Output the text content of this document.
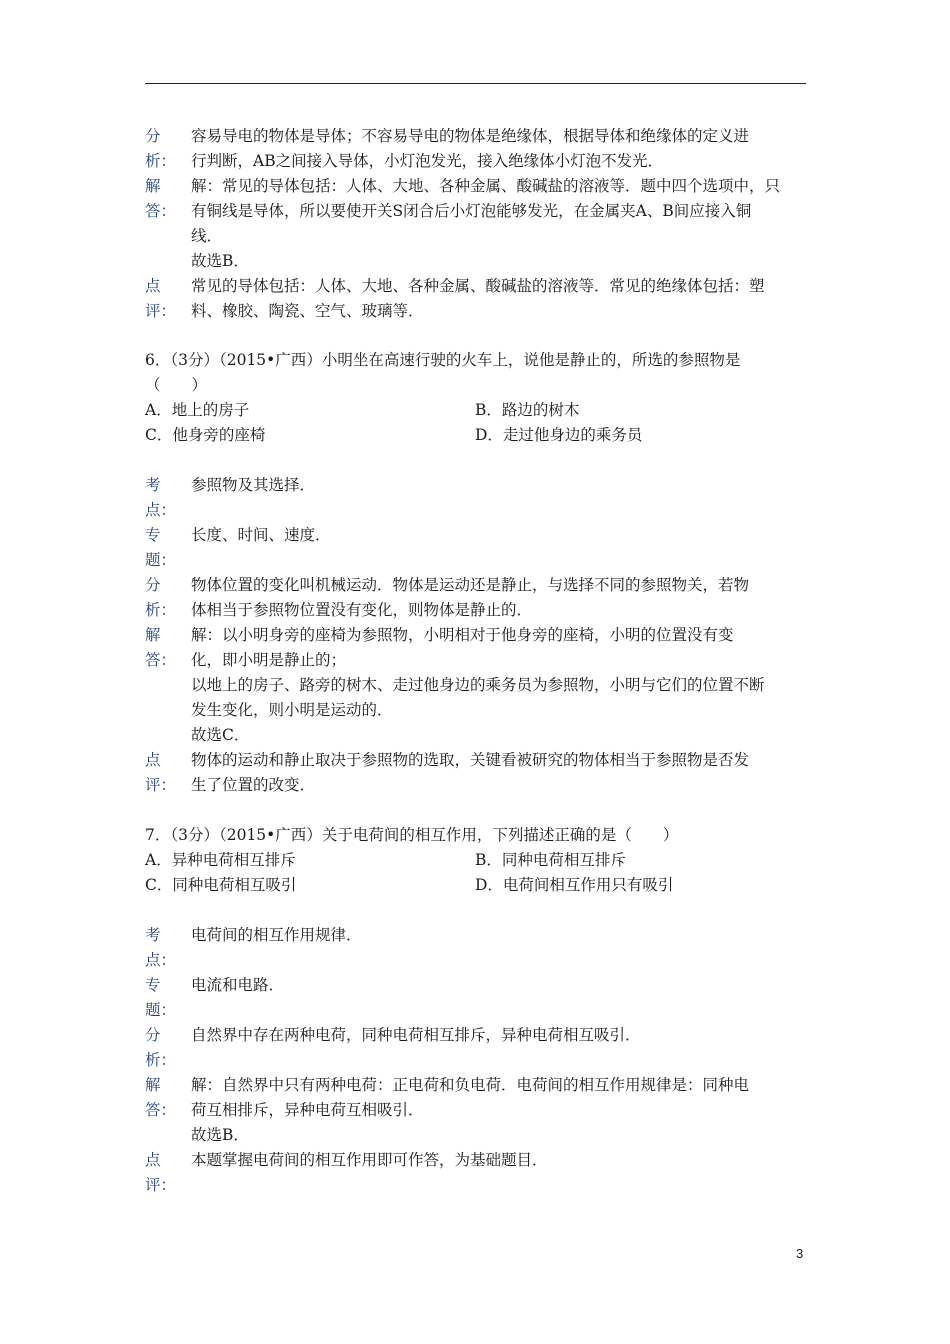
分
析：

容易导电的物体是导体；不容易导电的物体是绝缘体，根据导体和绝缘体的定义进

行判断，AB之间接入导体，小灯泡发光，接入绝缘体小灯泡不发光．

解
答：

解：常见的导体包括：人体、大地、各种金属、酸碱盐的溶液等．题中四个选项中，只

有铜线是导体，所以要使开关S闭合后小灯泡能够发光，在金属夹A、B间应接入铜

线．

故选B．

点
评：

常见的导体包括：人体、大地、各种金属、酸碱盐的溶液等．常见的绝缘体包括：塑

料、橡胶、陶瓷、空气、玻璃等．

6．（3分）（2015•广西）小明坐在高速行驶的火车上，说他是静止的，所选的参照物是

（　　）

A．地上的房子	B．路边的树木
C．他身旁的座椅	D．走过他身边的乘务员
考
点：

参照物及其选择．

专
题：

长度、时间、速度．

分
析：

物体位置的变化叫机械运动．物体是运动还是静止，与选择不同的参照物关，若物

体相当于参照物位置没有变化，则物体是静止的．

解
答：

解：以小明身旁的座椅为参照物，小明相对于他身旁的座椅，小明的位置没有变

化，即小明是静止的；

以地上的房子、路旁的树木、走过他身边的乘务员为参照物，小明与它们的位置不断

发生变化，则小明是运动的．

故选C．

点
评：

物体的运动和静止取决于参照物的选取，关键看被研究的物体相当于参照物是否发

生了位置的改变．

7．（3分）（2015•广西）关于电荷间的相互作用，下列描述正确的是（　　）

A．异种电荷相互排斥	B．同种电荷相互排斥
C．同种电荷相互吸引	D．电荷间相互作用只有吸引
考
点：

电荷间的相互作用规律．

专
题：

电流和电路．

分
析：

自然界中存在两种电荷，同种电荷相互排斥，异种电荷相互吸引．

解
答：

解：自然界中只有两种电荷：正电荷和负电荷．电荷间的相互作用规律是：同种电

荷互相排斥，异种电荷互相吸引．

故选B．

点
评：

本题掌握电荷间的相互作用即可作答，为基础题目．

3
